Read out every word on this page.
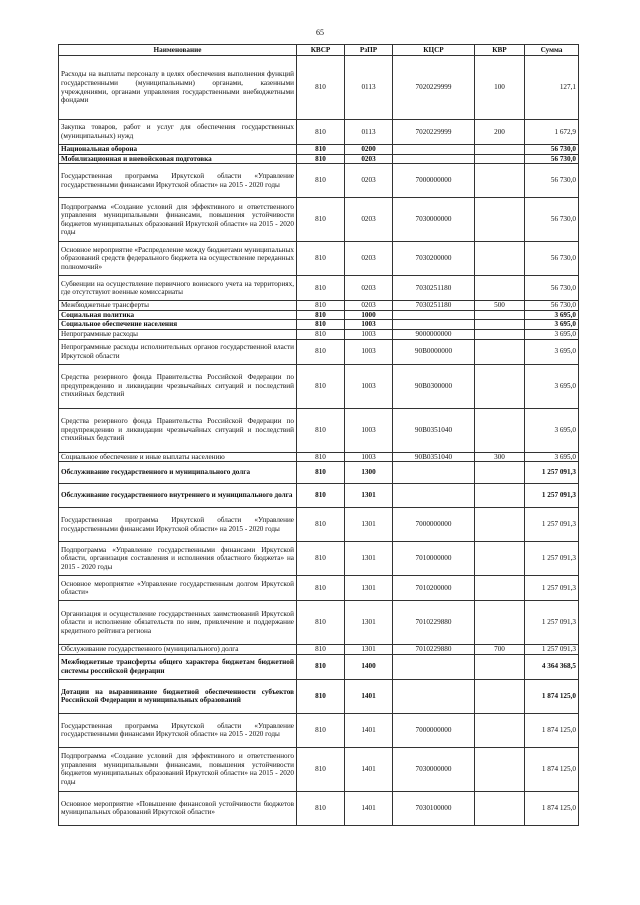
65
Наименование	КВСР	РзПР	КЦСР	КВР	Сумма
Расходы на выплаты персоналу в целях обеспечения выполнения функций государственными (муниципальными) органами, казенными учреждениями, органами управления государственными внебюджетными фондами	810	0113	7020229999	100	127,1
Закупка товаров, работ и услуг для обеспечения государственных (муниципальных) нужд	810	0113	7020229999	200	1 672,9
Национальная оборона	810	0200			56 730,0
Мобилизационная и вневойсковая подготовка	810	0203			56 730,0
Государственная программа Иркутской области «Управление государственными финансами Иркутской области» на 2015 - 2020 годы	810	0203	7000000000		56 730,0
Подпрограмма «Создание условий для эффективного и ответственного управления муниципальными финансами, повышения устойчивости бюджетов муниципальных образований Иркутской области» на 2015 - 2020 годы	810	0203	7030000000		56 730,0
Основное мероприятие «Распределение между бюджетами муниципальных образований средств федерального бюджета на осуществление переданных полномочий»	810	0203	7030200000		56 730,0
Субвенции на осуществление первичного воинского учета на территориях, где отсутствуют военные комиссариаты	810	0203	7030251180		56 730,0
Межбюджетные трансферты	810	0203	7030251180	500	56 730,0
Социальная политика	810	1000			3 695,0
Социальное обеспечение населения	810	1003			3 695,0
Непрограммные расходы	810	1003	9000000000		3 695,0
Непрограммные расходы исполнительных органов государственной власти Иркутской области	810	1003	90В0000000		3 695,0
Средства резервного фонда Правительства Российской Федерации по предупреждению и ликвидации чрезвычайных ситуаций и последствий стихийных бедствий	810	1003	90В0300000		3 695,0
Средства резервного фонда Правительства Российской Федерации по предупреждению и ликвидации чрезвычайных ситуаций и последствий стихийных бедствий	810	1003	90В0351040		3 695,0
Социальное обеспечение и иные выплаты населению	810	1003	90В0351040	300	3 695,0
Обслуживание государственного и муниципального долга	810	1300			1 257 091,3
Обслуживание государственного внутреннего и муниципального долга	810	1301			1 257 091,3
Государственная программа Иркутской области «Управление государственными финансами Иркутской области» на 2015 - 2020 годы	810	1301	7000000000		1 257 091,3
Подпрограмма «Управление государственными финансами Иркутской области, организация составления и исполнения областного бюджета» на 2015 - 2020 годы	810	1301	7010000000		1 257 091,3
Основное мероприятие «Управление государственным долгом Иркутской области»	810	1301	7010200000		1 257 091,3
Организация и осуществление государственных заимствований Иркутской области и исполнение обязательств по ним, привлечение и поддержание кредитного рейтинга региона	810	1301	7010229880		1 257 091,3
Обслуживание государственного (муниципального) долга	810	1301	7010229880	700	1 257 091,3
Межбюджетные трансферты общего характера бюджетам бюджетной системы российской федерации	810	1400			4 364 368,5
Дотации на выравнивание бюджетной обеспеченности субъектов Российской Федерации и муниципальных образований	810	1401			1 874 125,0
Государственная программа Иркутской области «Управление государственными финансами Иркутской области» на 2015 - 2020 годы	810	1401	7000000000		1 874 125,0
Подпрограмма «Создание условий для эффективного и ответственного управления муниципальными финансами, повышения устойчивости бюджетов муниципальных образований Иркутской области» на 2015 - 2020 годы	810	1401	7030000000		1 874 125,0
Основное мероприятие «Повышение финансовой устойчивости бюджетов муниципальных образований Иркутской области»	810	1401	7030100000		1 874 125,0
